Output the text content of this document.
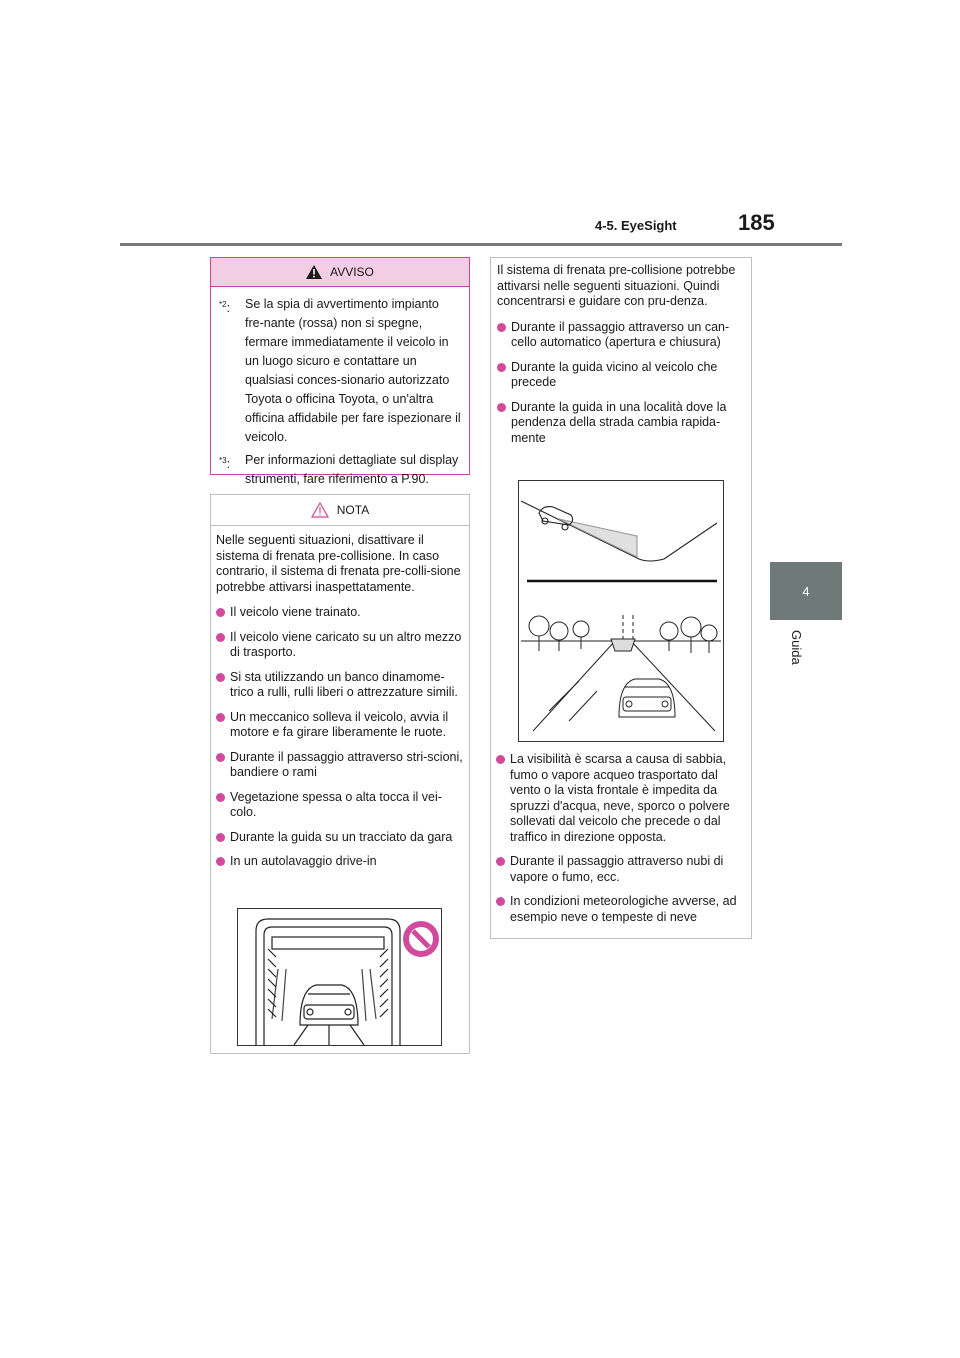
4-5. EyeSight	185
4
Guida
AVVISO
$^{*2}$:	Se la spia di avvertimento impianto fre-nante (rossa) non si spegne, fermare immediatamente il veicolo in un luogo sicuro e contattare un qualsiasi conces-sionario autorizzato Toyota o officina Toyota, o un'altra officina affidabile per fare ispezionare il veicolo.
$^{*3}$:	Per informazioni dettagliate sul display strumenti, fare riferimento a P.90.
NOTA

Nelle seguenti situazioni, disattivare il sistema di frenata pre-collisione. In caso contrario, il sistema di frenata pre-colli-sione potrebbe attivarsi inaspettatamente.

Il veicolo viene trainato.
Il veicolo viene caricato su un altro mezzo di trasporto.
Si sta utilizzando un banco dinamome-trico a rulli, rulli liberi o attrezzature simili.
Un meccanico solleva il veicolo, avvia il motore e fa girare liberamente le ruote.
Durante il passaggio attraverso stri-scioni, bandiere o rami
Vegetazione spessa o alta tocca il vei-colo.
Durante la guida su un tracciato da gara
In un autolavaggio drive-in

Il sistema di frenata pre-collisione potrebbe attivarsi nelle seguenti situazioni. Quindi concentrarsi e guidare con pru-denza.

Durante il passaggio attraverso un can-cello automatico (apertura e chiusura)
Durante la guida vicino al veicolo che precede
Durante la guida in una località dove la pendenza della strada cambia rapida-mente
La visibilità è scarsa a causa di sabbia, fumo o vapore acqueo trasportato dal vento o la vista frontale è impedita da spruzzi d'acqua, neve, sporco o polvere sollevati dal veicolo che precede o dal traffico in direzione opposta.
Durante il passaggio attraverso nubi di vapore o fumo, ecc.
In condizioni meteorologiche avverse, ad esempio neve o tempeste di neve
